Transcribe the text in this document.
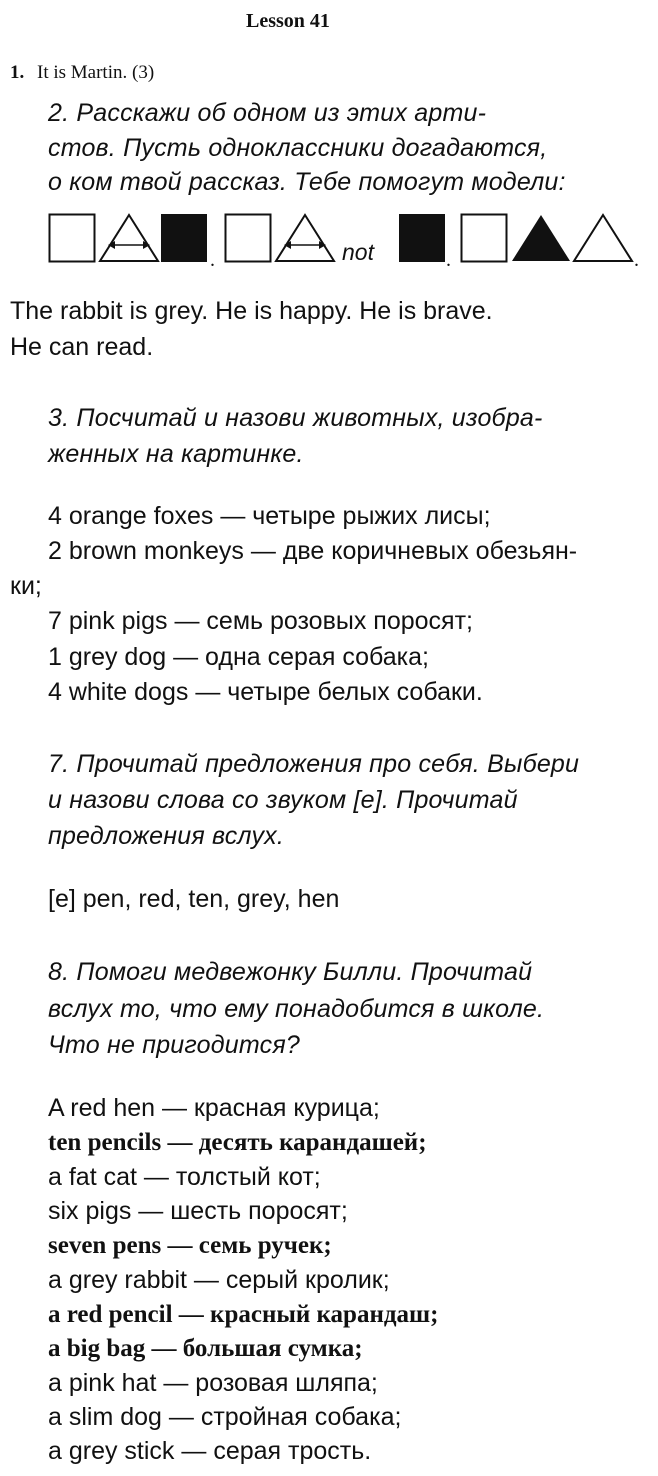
Lesson 41
1. It is Martin. (3)
2. Расскажи об одном из этих арти-
стов. Пусть одноклассники догадаются,
о ком твой рассказ. Тебе помогут модели:
.	not	.	.
The rabbit is grey. He is happy. He is brave.
He can read.
3. Посчитай и назови животных, изобра-
женных на картинке.
4 orange foxes — четыре рыжих лисы;
2 brown monkeys — две коричневых обезьян-
ки;
7 pink pigs — семь розовых поросят;
1 grey dog — одна серая собака;
4 white dogs — четыре белых собаки.
7. Прочитай предложения про себя. Выбери
и назови слова со звуком [e]. Прочитай
предложения вслух.
[e] pen, red, ten, grey, hen
8. Помоги медвежонку Билли. Прочитай
вслух то, что ему понадобится в школе.
Что не пригодится?
A red hen — красная курица;
ten pencils — десять карандашей;
a fat cat — толстый кот;
six pigs — шесть поросят;
seven pens — семь ручек;
a grey rabbit — серый кролик;
a red pencil — красный карандаш;
a big bag — большая сумка;
a pink hat — розовая шляпа;
a slim dog — стройная собака;
a grey stick — серая трость.
